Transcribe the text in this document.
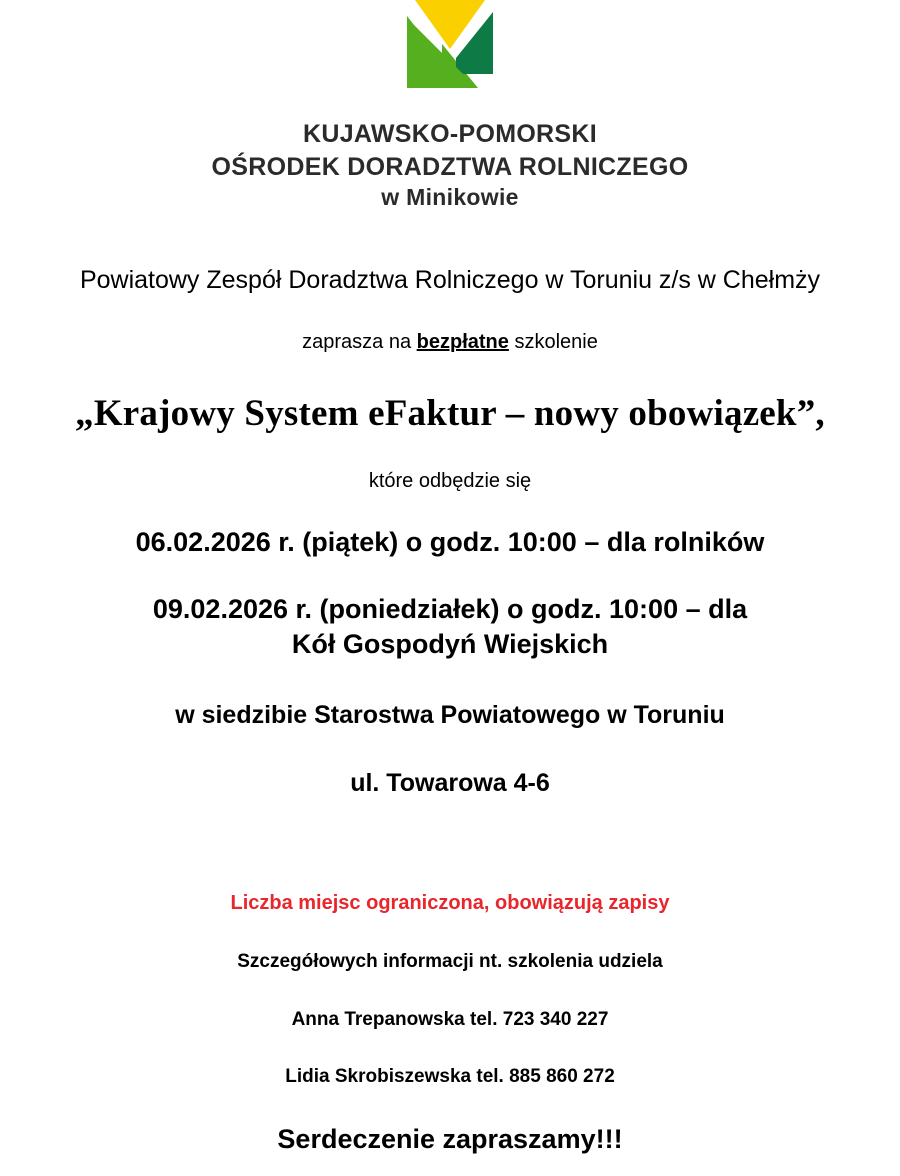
KUJAWSKO-POMORSKI
OŚRODEK DORADZTWA ROLNICZEGO
w Minikowie
Powiatowy Zespół Doradztwa Rolniczego w Toruniu z/s w Chełmży
zaprasza na bezpłatne szkolenie
„Krajowy System eFaktur – nowy obowiązek”,
które odbędzie się
06.02.2026 r. (piątek) o godz. 10:00 – dla rolników
09.02.2026 r. (poniedziałek) o godz. 10:00 – dla Kół Gospodyń Wiejskich
w siedzibie Starostwa Powiatowego w Toruniu
ul. Towarowa 4-6
Liczba miejsc ograniczona, obowiązują zapisy
Szczegółowych informacji nt. szkolenia udziela
Anna Trepanowska tel. 723 340 227
Lidia Skrobiszewska tel. 885 860 272
Serdeczenie zapraszamy!!!
